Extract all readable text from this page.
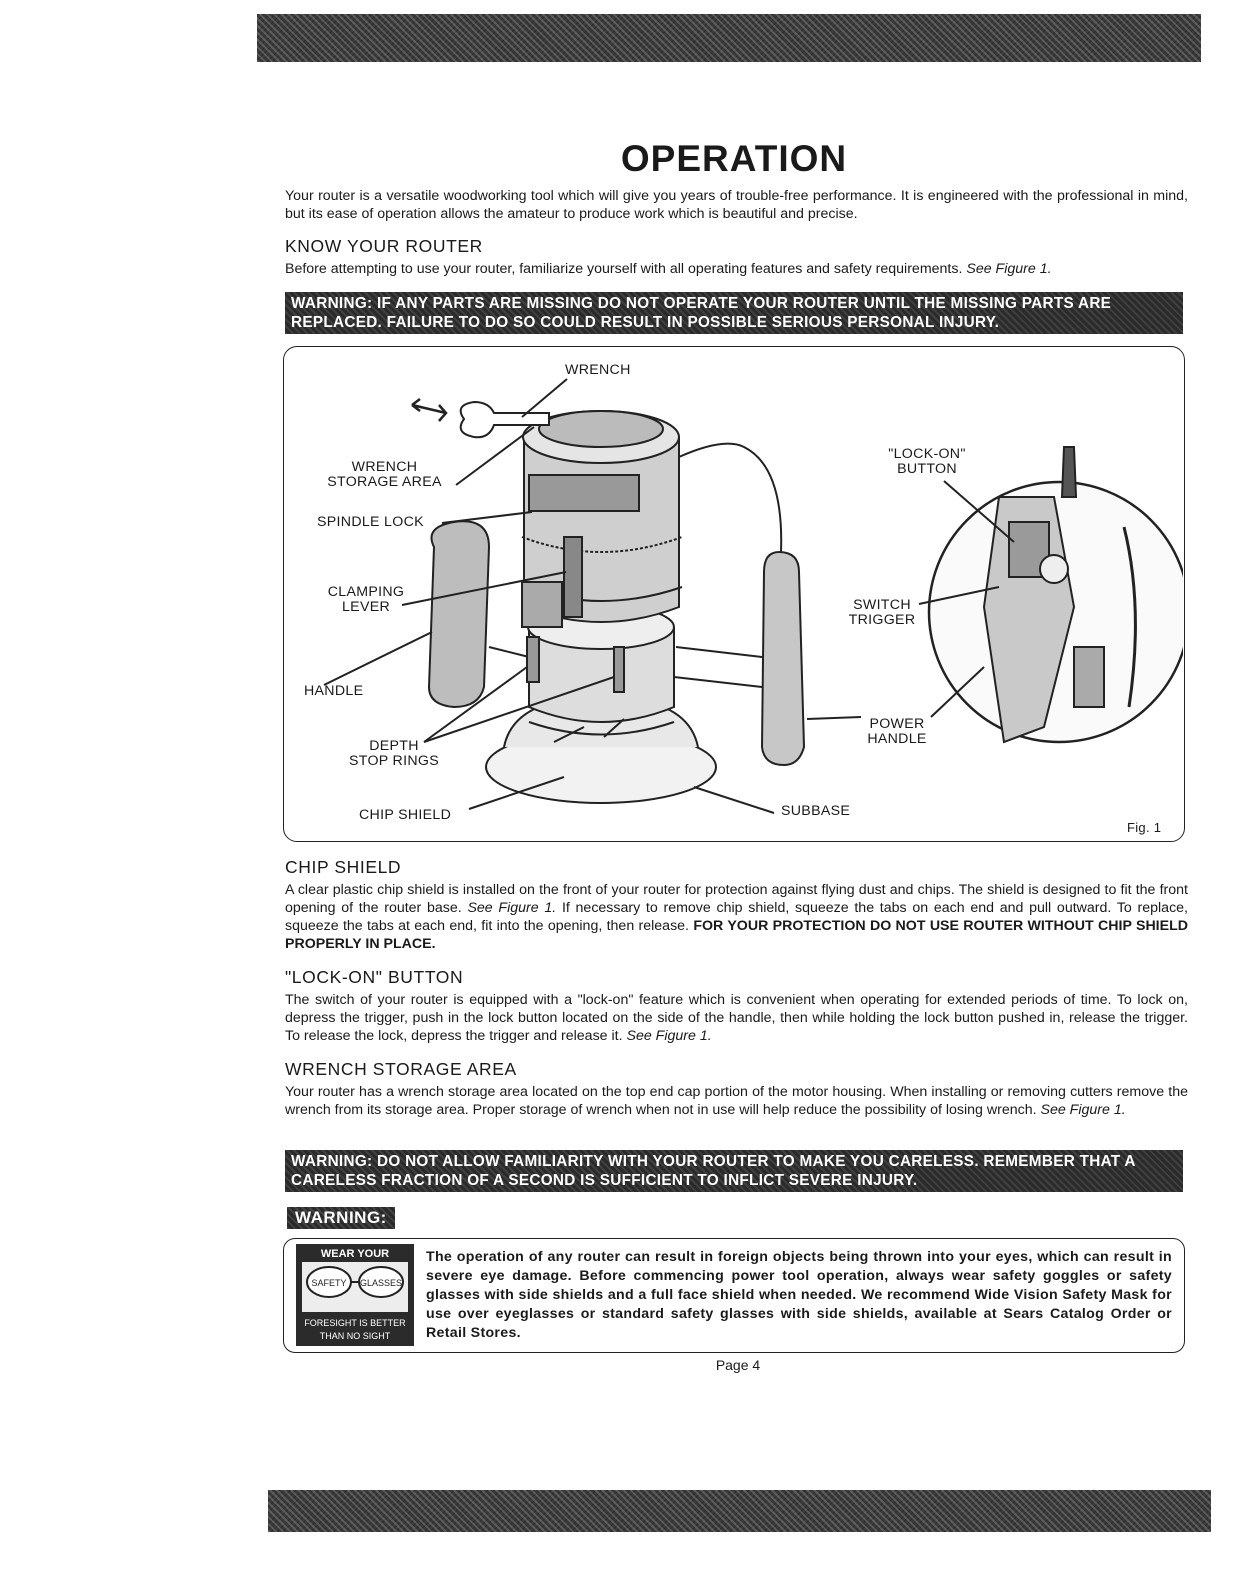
OPERATION

Your router is a versatile woodworking tool which will give you years of trouble-free performance. It is engineered with the professional in mind, but its ease of operation allows the amateur to produce work which is beautiful and precise.

KNOW YOUR ROUTER

Before attempting to use your router, familiarize yourself with all operating features and safety requirements. See Figure 1.

WARNING: IF ANY PARTS ARE MISSING DO NOT OPERATE YOUR ROUTER UNTIL THE MISSING PARTS ARE REPLACED. FAILURE TO DO SO COULD RESULT IN POSSIBLE SERIOUS PERSONAL INJURY.
WRENCH
WRENCH
STORAGE AREA
SPINDLE LOCK
CLAMPING
LEVER
HANDLE
DEPTH
STOP RINGS
CHIP SHIELD	SUBBASE
"LOCK-ON"
BUTTON
SWITCH
TRIGGER
POWER
HANDLE
Fig. 1
CHIP SHIELD

A clear plastic chip shield is installed on the front of your router for protection against flying dust and chips. The shield is designed to fit the front opening of the router base. See Figure 1. If necessary to remove chip shield, squeeze the tabs on each end and pull outward. To replace, squeeze the tabs at each end, fit into the opening, then release. FOR YOUR PROTECTION DO NOT USE ROUTER WITHOUT CHIP SHIELD PROPERLY IN PLACE.

"LOCK-ON" BUTTON

The switch of your router is equipped with a "lock-on" feature which is convenient when operating for extended periods of time. To lock on, depress the trigger, push in the lock button located on the side of the handle, then while holding the lock button pushed in, release the trigger. To release the lock, depress the trigger and release it. See Figure 1.

WRENCH STORAGE AREA

Your router has a wrench storage area located on the top end cap portion of the motor housing. When installing or removing cutters remove the wrench from its storage area. Proper storage of wrench when not in use will help reduce the possibility of losing wrench. See Figure 1.

WARNING: DO NOT ALLOW FAMILIARITY WITH YOUR ROUTER TO MAKE YOU CARELESS. REMEMBER THAT A CARELESS FRACTION OF A SECOND IS SUFFICIENT TO INFLICT SEVERE INJURY.
WARNING:
WEAR YOUR
SAFETY GLASSES
FORESIGHT IS BETTER
THAN NO SIGHT

The operation of any router can result in foreign objects being thrown into your eyes, which can result in severe eye damage. Before commencing power tool operation, always wear safety goggles or safety glasses with side shields and a full face shield when needed. We recommend Wide Vision Safety Mask for use over eyeglasses or standard safety glasses with side shields, available at Sears Catalog Order or Retail Stores.

Page 4
